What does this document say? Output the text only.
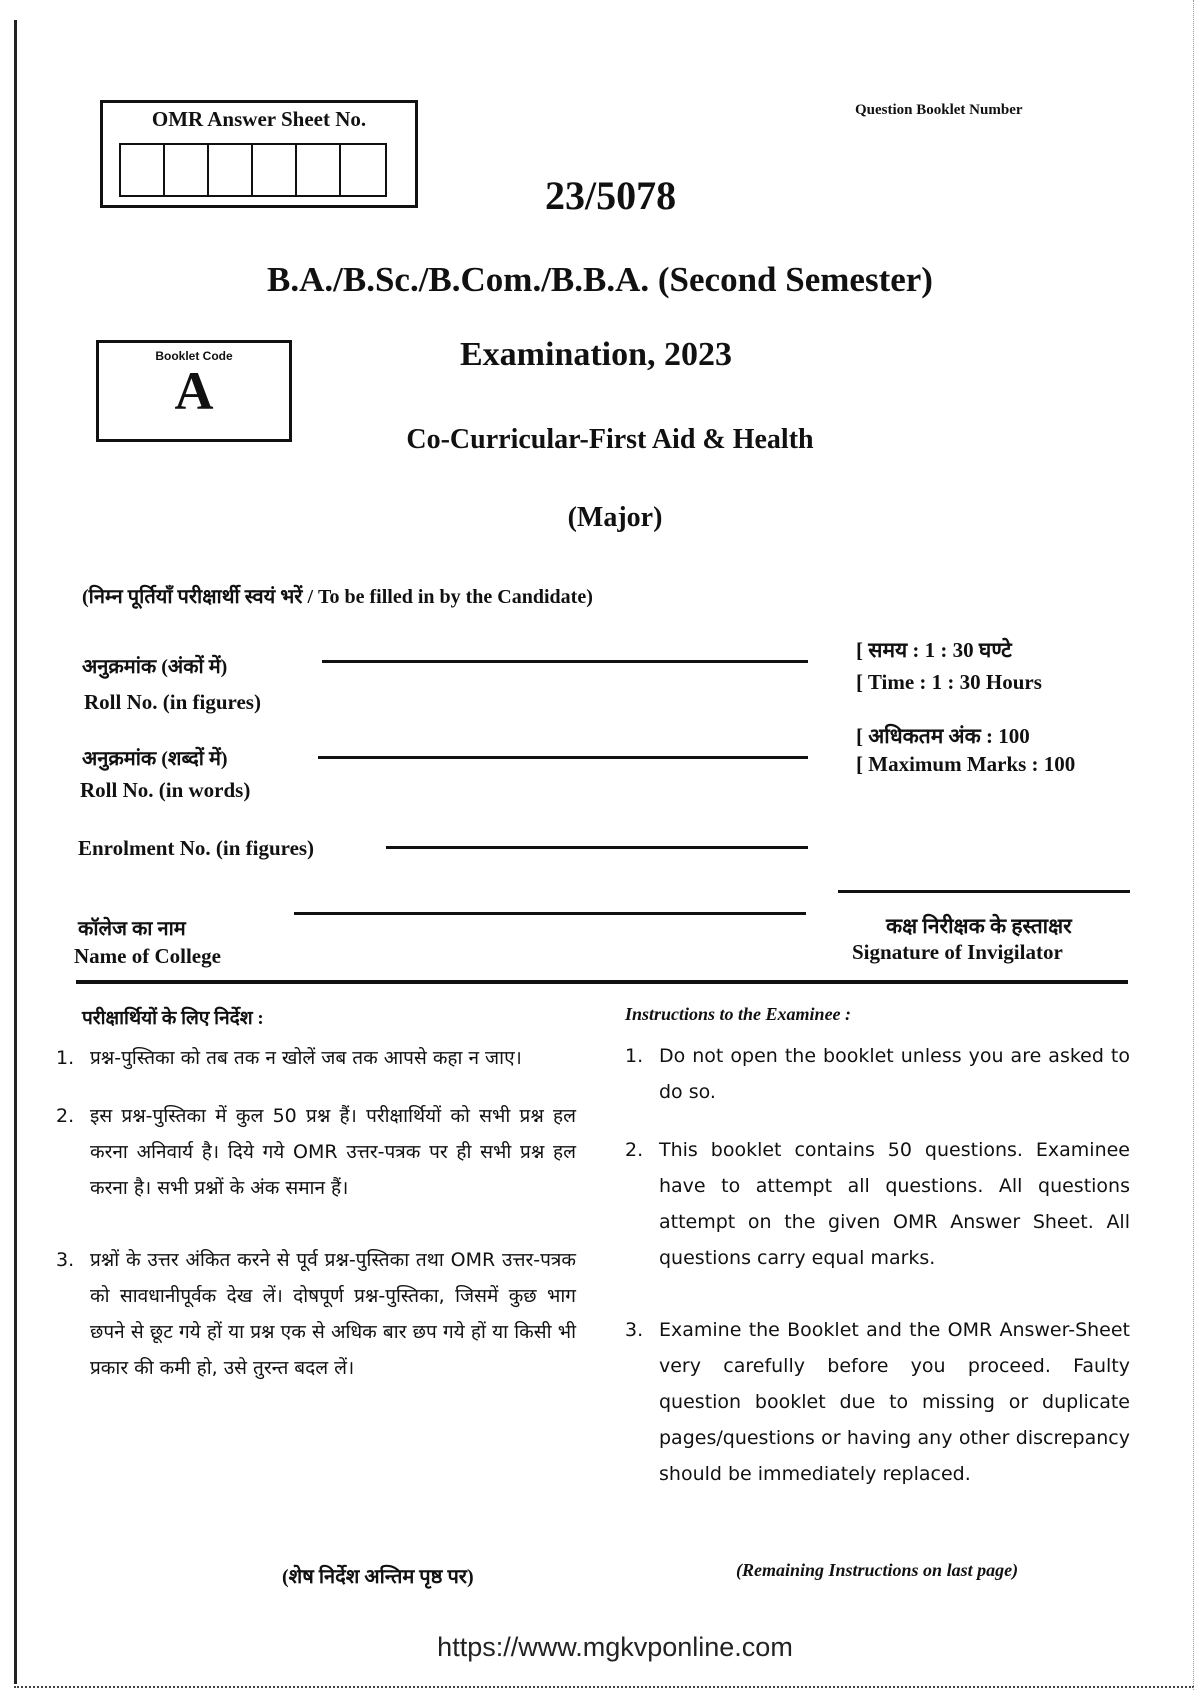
OMR Answer Sheet No.	Question Booklet Number
23/5078
B.A./B.Sc./B.Com./B.B.A. (Second Semester)
Booklet Code
A
Examination, 2023
Co-Curricular-First Aid & Health
(Major)
(निम्न पूर्तियाँ परीक्षार्थी स्वयं भरें / To be filled in by the Candidate)
अनुक्रमांक (अंकों में)
Roll No. (in figures)
अनुक्रमांक (शब्दों में)
Roll No. (in words)
Enrolment No. (in figures)
कॉलेज का नाम
Name of College
[ समय : 1 : 30 घण्टे
[ Time : 1 : 30 Hours
[ अधिकतम अंक : 100
[ Maximum Marks : 100
कक्ष निरीक्षक के हस्ताक्षर
Signature of Invigilator
परीक्षार्थियों के लिए निर्देश :	Instructions to the Examinee :
1. प्रश्न-पुस्तिका को तब तक न खोलें जब तक आपसे कहा न जाए।
2. इस प्रश्न-पुस्तिका में कुल 50 प्रश्न हैं। परीक्षार्थियों को सभी प्रश्न हल करना अनिवार्य है। दिये गये OMR उत्तर-पत्रक पर ही सभी प्रश्न हल करना है। सभी प्रश्नों के अंक समान हैं।
3. प्रश्नों के उत्तर अंकित करने से पूर्व प्रश्न-पुस्तिका तथा OMR उत्तर-पत्रक को सावधानीपूर्वक देख लें। दोषपूर्ण प्रश्न-पुस्तिका, जिसमें कुछ भाग छपने से छूट गये हों या प्रश्न एक से अधिक बार छप गये हों या किसी भी प्रकार की कमी हो, उसे तुरन्त बदल लें।
1. Do not open the booklet unless you are asked to do so.
2. This booklet contains 50 questions. Examinee have to attempt all questions. All questions attempt on the given OMR Answer Sheet. All questions carry equal marks.
3. Examine the Booklet and the OMR Answer-Sheet very carefully before you proceed. Faulty question booklet due to missing or duplicate pages/questions or having any other discrepancy should be immediately replaced.
(शेष निर्देश अन्तिम पृष्ठ पर)	(Remaining Instructions on last page)
https://www.mgkvponline.com
